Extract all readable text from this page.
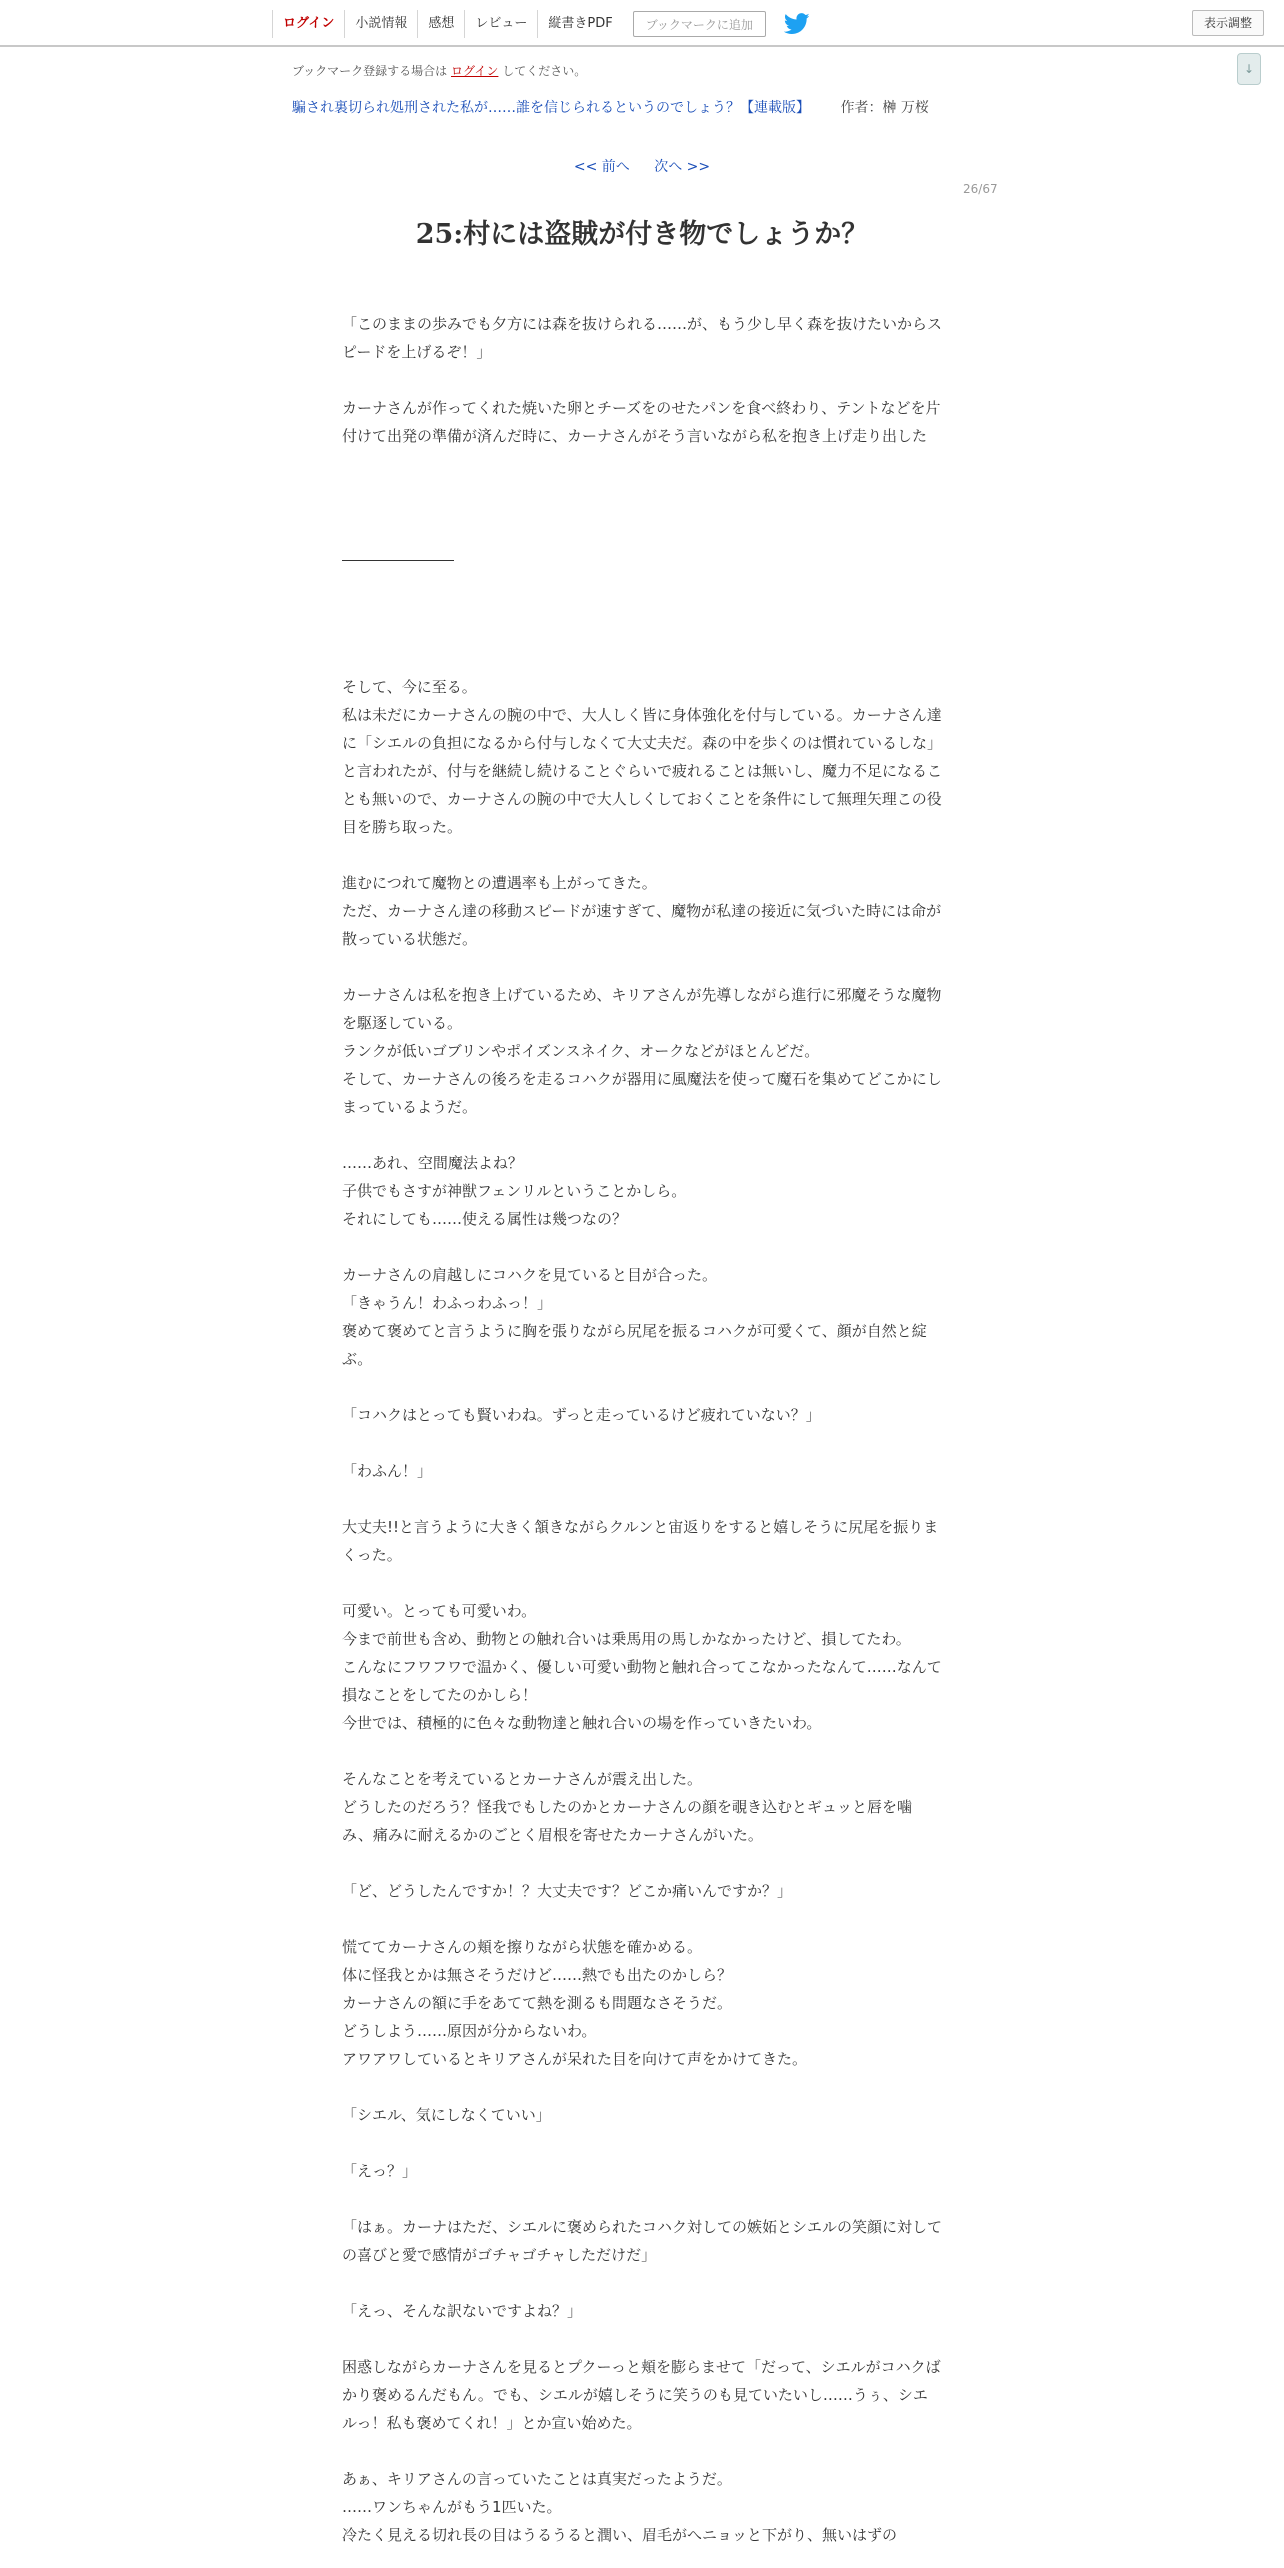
ログイン	小説情報	感想	レビュー	縦書きPDF	ブックマークに追加	表示調整
↓
ブックマーク登録する場合は ログイン してください。
騙され裏切られ処刑された私が……誰を信じられるというのでしょう？【連載版】 作者：榊 万桜
<< 前へ 次へ >>
26/67
25:村には盗賊が付き物でしょうか？

「このままの歩みでも夕方には森を抜けられる……が、もう少し早く森を抜けたいからスピードを上げるぞ！」

カーナさんが作ってくれた焼いた卵とチーズをのせたパンを食べ終わり、テントなどを片付けて出発の準備が済んだ時に、カーナさんがそう言いながら私を抱き上げ走り出した

そして、今に至る。

私は未だにカーナさんの腕の中で、大人しく皆に身体強化を付与している。カーナさん達に「シエルの負担になるから付与しなくて大丈夫だ。森の中を歩くのは慣れているしな」と言われたが、付与を継続し続けることぐらいで疲れることは無いし、魔力不足になることも無いので、カーナさんの腕の中で大人しくしておくことを条件にして無理矢理この役目を勝ち取った。

進むにつれて魔物との遭遇率も上がってきた。

ただ、カーナさん達の移動スピードが速すぎて、魔物が私達の接近に気づいた時には命が散っている状態だ。

カーナさんは私を抱き上げているため、キリアさんが先導しながら進行に邪魔そうな魔物を駆逐している。

ランクが低いゴブリンやポイズンスネイク、オークなどがほとんどだ。

そして、カーナさんの後ろを走るコハクが器用に風魔法を使って魔石を集めてどこかにしまっているようだ。

……あれ、空間魔法よね？

子供でもさすが神獣フェンリルということかしら。

それにしても……使える属性は幾つなの？

カーナさんの肩越しにコハクを見ていると目が合った。

「きゃうん！わふっわふっ！」

褒めて褒めてと言うように胸を張りながら尻尾を振るコハクが可愛くて、顔が自然と綻ぶ。

「コハクはとっても賢いわね。ずっと走っているけど疲れていない？」

「わふん！」

大丈夫!!と言うように大きく頷きながらクルンと宙返りをすると嬉しそうに尻尾を振りまくった。

可愛い。とっても可愛いわ。

今まで前世も含め、動物との触れ合いは乗馬用の馬しかなかったけど、損してたわ。

こんなにフワフワで温かく、優しい可愛い動物と触れ合ってこなかったなんて……なんて損なことをしてたのかしら！

今世では、積極的に色々な動物達と触れ合いの場を作っていきたいわ。

そんなことを考えているとカーナさんが震え出した。

どうしたのだろう？怪我でもしたのかとカーナさんの顔を覗き込むとギュッと唇を噛み、痛みに耐えるかのごとく眉根を寄せたカーナさんがいた。

「ど、どうしたんですか！？大丈夫です？どこか痛いんですか？」

慌ててカーナさんの頬を擦りながら状態を確かめる。

体に怪我とかは無さそうだけど……熱でも出たのかしら？

カーナさんの額に手をあてて熱を測るも問題なさそうだ。

どうしよう……原因が分からないわ。

アワアワしているとキリアさんが呆れた目を向けて声をかけてきた。

「シエル、気にしなくていい」

「えっ？」

「はぁ。カーナはただ、シエルに褒められたコハク対しての嫉妬とシエルの笑顔に対しての喜びと愛で感情がゴチャゴチャしただけだ」

「えっ、そんな訳ないですよね？」

困惑しながらカーナさんを見るとプクーっと頬を膨らませて「だって、シエルがコハクばかり褒めるんだもん。でも、シエルが嬉しそうに笑うのも見ていたいし……うぅ、シエルっ！私も褒めてくれ！」とか宣い始めた。

あぁ、キリアさんの言っていたことは真実だったようだ。

……ワンちゃんがもう1匹いた。

冷たく見える切れ長の目はうるうると潤い、眉毛がへニョッと下がり、無いはずの
